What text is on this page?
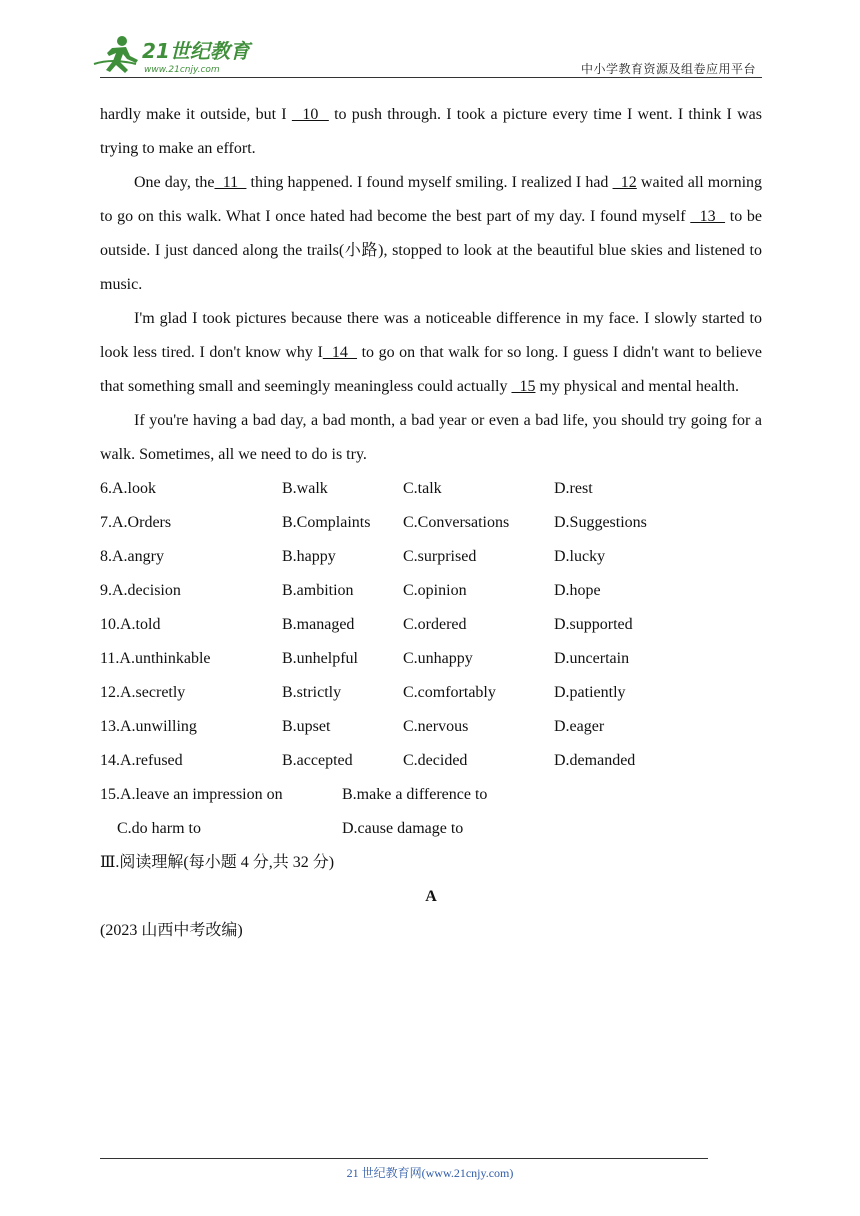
21世纪教育
www.21cnjy.com	中小学教育资源及组卷应用平台

hardly make it outside, but I   10   to push through. I took a picture every time I went. I think I was trying to make an effort.

One day, the  11   thing happened. I found myself smiling. I realized I had   12 waited all morning to go on this walk. What I once hated had become the best part of my day. I found myself   13   to be outside. I just danced along the trails(小路), stopped to look at the beautiful blue skies and listened to music.

I'm glad I took pictures because there was a noticeable difference in my face. I slowly started to look less tired. I don't know why I  14   to go on that walk for so long. I guess I didn't want to believe that something small and seemingly meaningless could actually   15 my physical and mental health.

If you're having a bad day, a bad month, a bad year or even a bad life, you should try going for a walk. Sometimes, all we need to do is try.

6.A.look	B.walk	C.talk	D.rest
7.A.Orders	B.Complaints C.Conversations	D.Suggestions
8.A.angry	B.happy	C.surprised	D.lucky
9.A.decision	B.ambition	C.opinion	D.hope
10.A.told	B.managed	C.ordered	D.supported
11.A.unthinkable	B.unhelpful	C.unhappy	D.uncertain
12.A.secretly	B.strictly	C.comfortably	D.patiently
13.A.unwilling	B.upset	C.nervous	D.eager
14.A.refused	B.accepted	C.decided	D.demanded
15.A.leave an impression on	B.make a difference to
C.do harm to	D.cause damage to
Ⅲ.阅读理解(每小题 4 分,共 32 分)
A
(2023 山西中考改编)
21 世纪教育网(www.21cnjy.com)
